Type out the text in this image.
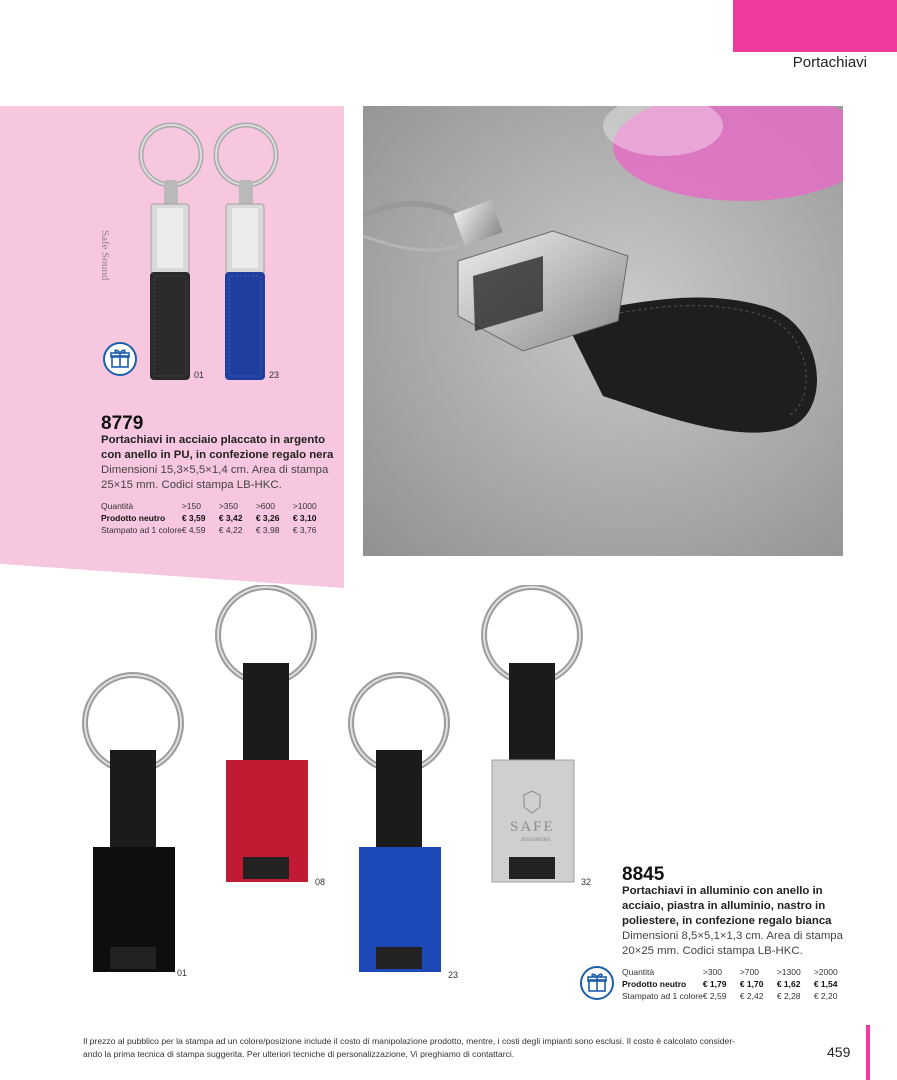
Portachiavi
Safe Sound
01	23
8779
Portachiavi in acciaio placcato in argento
con anello in PU, in confezione regalo nera
Dimensioni 15,3×5,5×1,4 cm. Area di stampa
25×15 mm. Codici stampa LB-HKC.
Quantità	>150	>350	>600	>1000
Prodotto neutro	€ 3,59	€ 3,42	€ 3,26	€ 3,10
Stampato ad 1 colore	€ 4,59	€ 4,22	€ 3,98	€ 3,76
SAFE
Insurances
01
08
23
32 8845
Portachiavi in alluminio con anello in
acciaio, piastra in alluminio, nastro in
poliestere, in confezione regalo bianca
Dimensioni 8,5×5,1×1,3 cm. Area di stampa
20×25 mm. Codici stampa LB-HKC.
Quantità	>300	>700	>1300	>2000
Prodotto neutro	€ 1,79	€ 1,70	€ 1,62	€ 1,54
Stampato ad 1 colore	€ 2,59	€ 2,42	€ 2,28	€ 2,20
Il prezzo al pubblico per la stampa ad un colore/posizione include il costo di manipolazione prodotto, mentre, i costi degli impianti sono esclusi. Il costo è calcolato consider-
ando la prima tecnica di stampa suggerita. Per ulteriori tecniche di personalizzazione, Vi preghiamo di contattarci.	459
